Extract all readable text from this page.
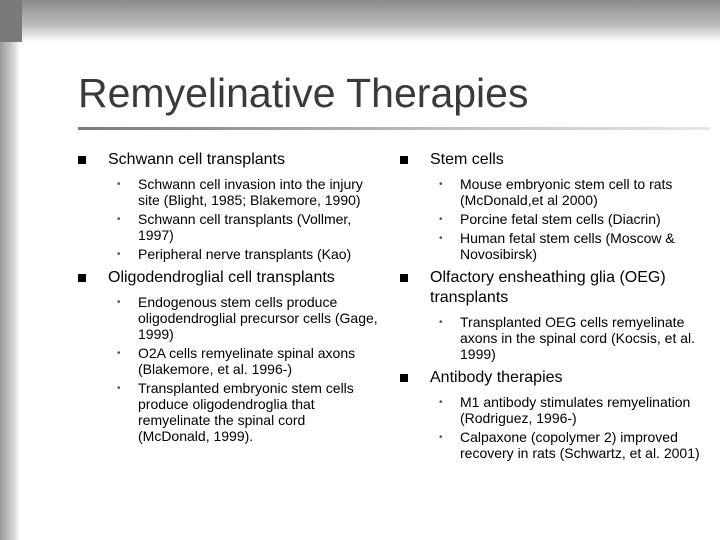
Remyelinative Therapies
Schwann cell transplants
• Schwann cell invasion into the injury site (Blight, 1985; Blakemore, 1990)
• Schwann cell transplants (Vollmer, 1997)
• Peripheral nerve transplants (Kao)
Oligodendroglial cell transplants
• Endogenous stem cells produce oligodendroglial precursor cells (Gage, 1999)
• O2A cells remyelinate spinal axons (Blakemore, et al. 1996-)
• Transplanted embryonic stem cells produce oligodendroglia that remyelinate the spinal cord (McDonald, 1999).
Stem cells
• Mouse embryonic stem cell to rats (McDonald,et al 2000)
• Porcine fetal stem cells (Diacrin)
• Human fetal stem cells (Moscow & Novosibirsk)
Olfactory ensheathing glia (OEG) transplants
• Transplanted OEG cells remyelinate axons in the spinal cord (Kocsis, et al. 1999)
Antibody therapies
• M1 antibody stimulates remyelination (Rodriguez, 1996-)
• Calpaxone (copolymer 2) improved recovery in rats (Schwartz, et al. 2001)
